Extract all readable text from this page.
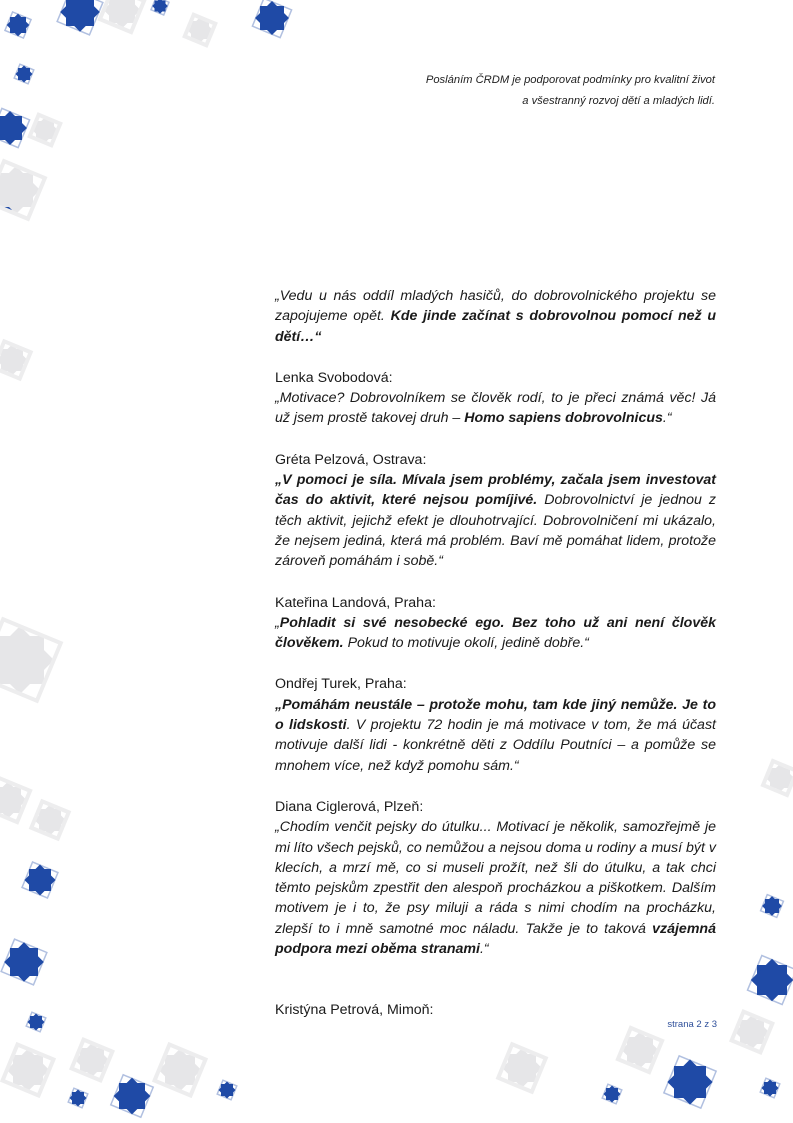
Posláním ČRDM je podporovat podmínky pro kvalitní život
a všestranný rozvoj dětí a mladých lidí.

„Vedu u nás oddíl mladých hasičů, do dobrovolnického projektu se zapojujeme opět. Kde jinde začínat s dobrovolnou pomocí než u dětí…“

Lenka Svobodová:

„Motivace? Dobrovolníkem se člověk rodí, to je přeci známá věc! Já už jsem prostě takovej druh – Homo sapiens dobrovolnicus.“

Gréta Pelzová, Ostrava:

„V pomoci je síla. Mívala jsem problémy, začala jsem investovat čas do aktivit, které nejsou pomíjivé. Dobrovolnictví je jednou z těch aktivit, jejichž efekt je dlouhotrvající. Dobrovolničení mi ukázalo, že nejsem jediná, která má problém. Baví mě pomáhat lidem, protože zároveň pomáhám i sobě.“

Kateřina Landová, Praha:

„Pohladit si své nesobecké ego. Bez toho už ani není člověk člověkem. Pokud to motivuje okolí, jedině dobře.“

Ondřej Turek, Praha:

„Pomáhám neustále – protože mohu, tam kde jiný nemůže. Je to o lidskosti. V projektu 72 hodin je má motivace v tom, že má účast motivuje další lidi - konkrétně děti z Oddílu Poutníci – a pomůže se mnohem více, než když pomohu sám.“

Diana Ciglerová, Plzeň:

„Chodím venčit pejsky do útulku... Motivací je několik, samozřejmě je mi líto všech pejsků, co nemůžou a nejsou doma u rodiny a musí být v klecích, a mrzí mě, co si museli prožít, než šli do útulku, a tak chci těmto pejskům zpestřit den alespoň procházkou a piškotkem. Dalším motivem je i to, že psy miluji a ráda s nimi chodím na procházku, zlepší to i mně samotné moc náladu. Takže je to taková vzájemná podpora mezi oběma stranami.“

Kristýna Petrová, Mimoň:

strana 2 z 3
